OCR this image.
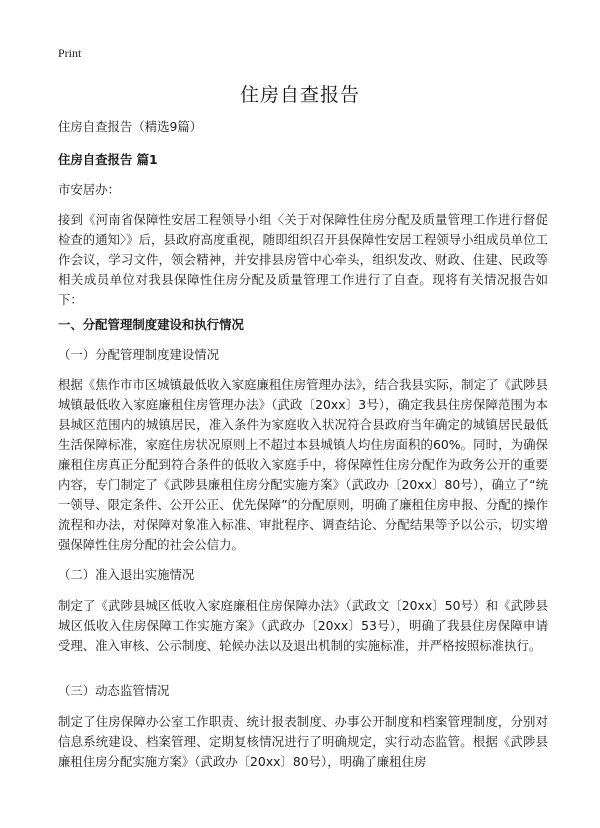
Print
住房自查报告
住房自查报告（精选9篇）
住房自查报告 篇1
市安居办：
接到《河南省保障性安居工程领导小组〈关于对保障性住房分配及质量管理工作进行督促检查的通知〉》后，县政府高度重视，随即组织召开县保障性安居工程领导小组成员单位工作会议，学习文件，领会精神，并安排县房管中心牵头，组织发改、财政、住建、民政等相关成员单位对我县保障性住房分配及质量管理工作进行了自查。现将有关情况报告如下：
一、分配管理制度建设和执行情况
（一）分配管理制度建设情况
根据《焦作市市区城镇最低收入家庭廉租住房管理办法》，结合我县实际，制定了《武陟县城镇最低收入家庭廉租住房管理办法》（武政〔20xx〕3号），确定我县住房保障范围为本县城区范围内的城镇居民，准入条件为家庭收入状况符合县政府当年确定的城镇居民最低生活保障标准，家庭住房状况原则上不超过本县城镇人均住房面积的60%。同时，为确保廉租住房真正分配到符合条件的低收入家庭手中，将保障性住房分配作为政务公开的重要内容，专门制定了《武陟县廉租住房分配实施方案》（武政办〔20xx〕80号），确立了“统一领导、限定条件、公开公正、优先保障”的分配原则，明确了廉租住房申报、分配的操作流程和办法，对保障对象准入标准、审批程序、调查结论、分配结果等予以公示，切实增强保障性住房分配的社会公信力。
（二）准入退出实施情况
制定了《武陟县城区低收入家庭廉租住房保障办法》（武政文〔20xx〕50号）和《武陟县城区低收入住房保障工作实施方案》（武政办〔20xx〕53号），明确了我县住房保障申请受理、准入审核、公示制度、轮候办法以及退出机制的实施标准，并严格按照标准执行。
（三）动态监管情况
制定了住房保障办公室工作职责、统计报表制度、办事公开制度和档案管理制度，分别对信息系统建设、档案管理、定期复核情况进行了明确规定，实行动态监管。根据《武陟县廉租住房分配实施方案》（武政办〔20xx〕80号），明确了廉租住房
